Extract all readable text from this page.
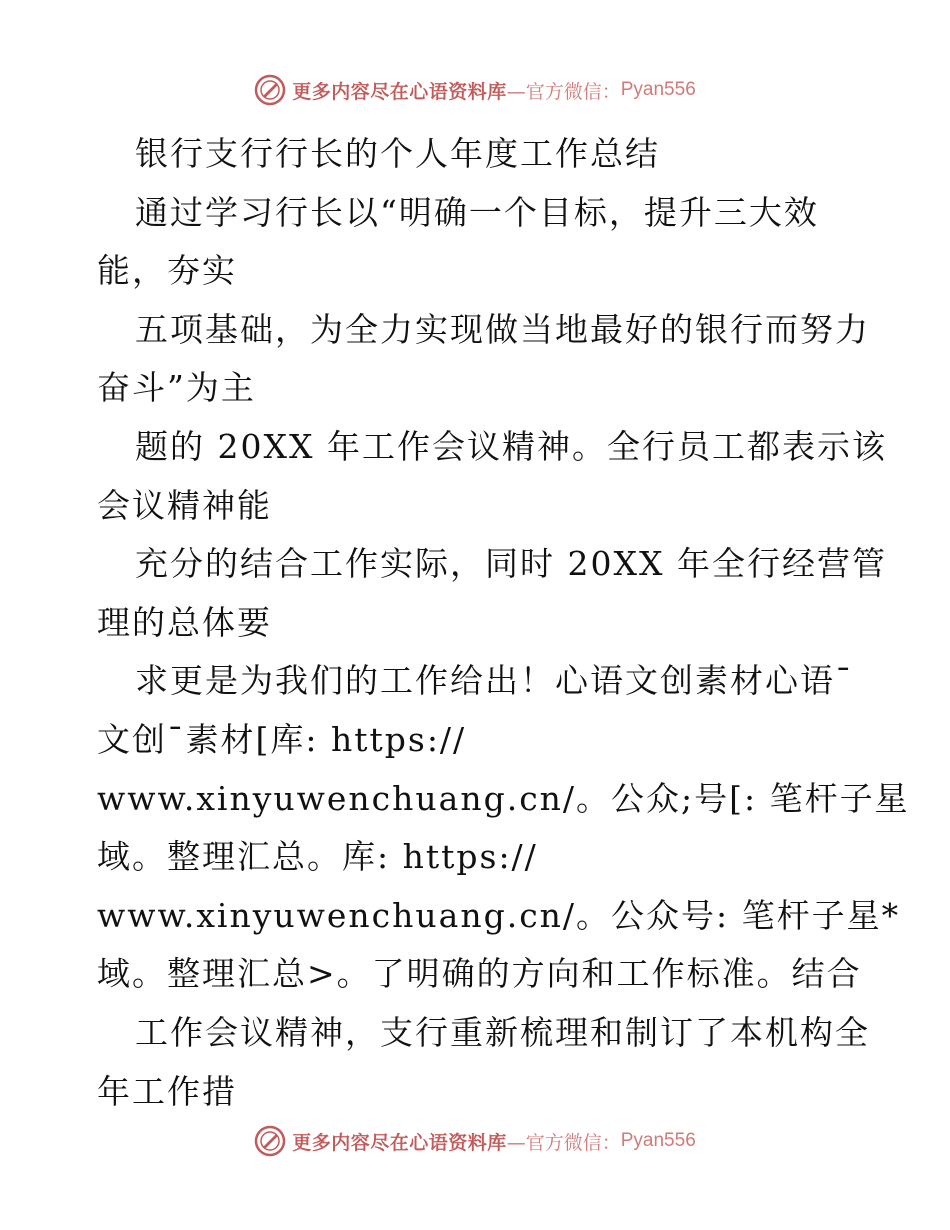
更多内容尽在心语资料库 —官方微信： Pyan556
银行支行行长的个人年度工作总结
通过学习行长以“明确一个目标，提升三大效
能，夯实
五项基础，为全力实现做当地最好的银行而努力
奋斗”为主
题的 20XX 年工作会议精神。全行员工都表示该
会议精神能
充分的结合工作实际，同时 20XX 年全行经营管
理的总体要
求更是为我们的工作给出！心语文创素材心语¯
文创¯素材[库: https://
www.xinyuwenchuang.cn/。公众;号[: 笔杆子星
域。整理汇总。库: https://
www.xinyuwenchuang.cn/。公众号: 笔杆子星*
域。整理汇总>。了明确的方向和工作标准。结合
工作会议精神，支行重新梳理和制订了本机构全
年工作措
更多内容尽在心语资料库 —官方微信： Pyan556
